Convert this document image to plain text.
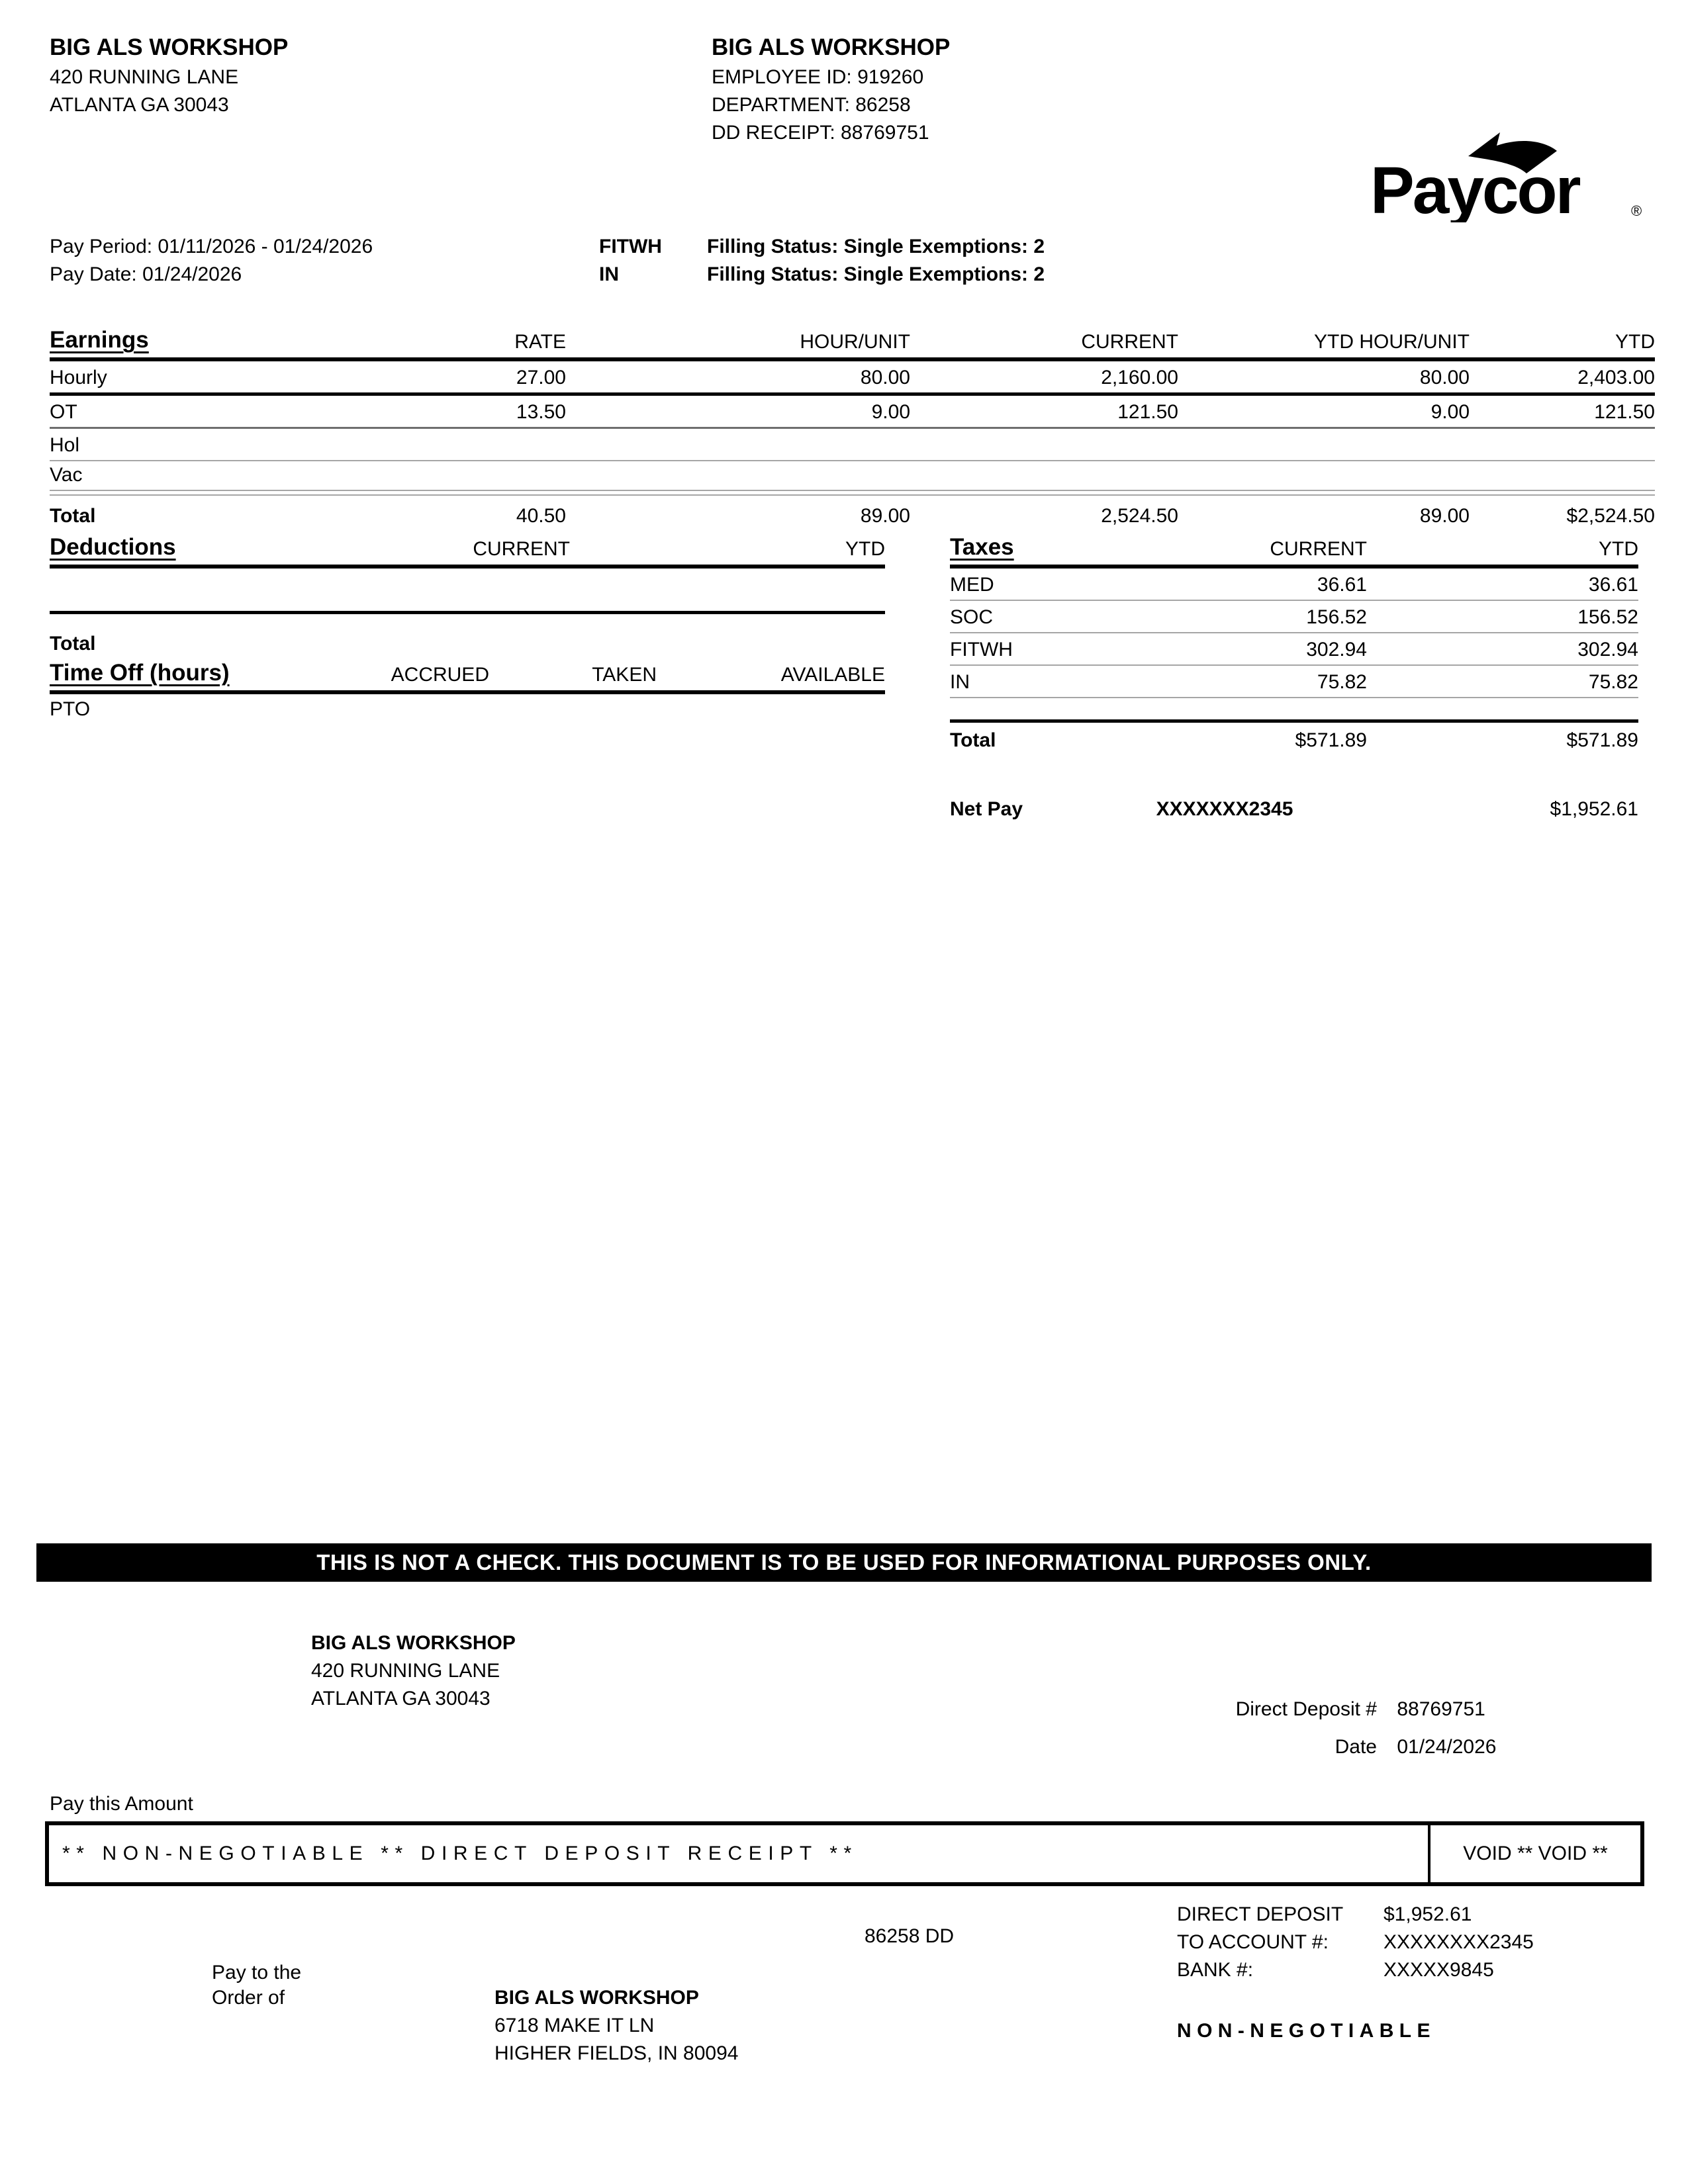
BIG ALS WORKSHOP
420 RUNNING LANE
ATLANTA GA 30043
BIG ALS WORKSHOP
EMPLOYEE ID: 919260
DEPARTMENT: 86258
DD RECEIPT: 88769751
Paycor	®
Pay Period: 01/11/2026 - 01/24/2026	FITWH Filling Status: Single Exemptions: 2
Pay Date: 01/24/2026	IN	Filling Status: Single Exemptions: 2
Earnings	RATE	HOUR/UNIT	CURRENT	YTD HOUR/UNIT	YTD
Hourly	27.00	80.00	2,160.00	80.00	2,403.00
OT	13.50	9.00	121.50	9.00	121.50
Hol
Vac
Total	40.50	89.00	2,524.50	89.00	$2,524.50
Deductions	CURRENT	YTD
Total
Time Off (hours)	ACCRUED	TAKEN	AVAILABLE
PTO
Taxes	CURRENT	YTD
MED	36.61	36.61
SOC	156.52	156.52
FITWH	302.94	302.94
IN	75.82	75.82
Total	$571.89	$571.89
Net Pay	XXXXXXX2345	$1,952.61
THIS IS NOT A CHECK. THIS DOCUMENT IS TO BE USED FOR INFORMATIONAL PURPOSES ONLY.
BIG ALS WORKSHOP
420 RUNNING LANE
ATLANTA GA 30043	Direct Deposit # 88769751
Date 01/24/2026
Pay this Amount
** NON-NEGOTIABLE ** DIRECT DEPOSIT RECEIPT **	VOID ** VOID **
86258 DD
DIRECT DEPOSIT	$1,952.61
TO ACCOUNT #:	XXXXXXXX2345
BANK #:	XXXXX9845
Pay to the
Order of	BIG ALS WORKSHOP
6718 MAKE IT LN
HIGHER FIELDS, IN 80094
NON-NEGOTIABLE
